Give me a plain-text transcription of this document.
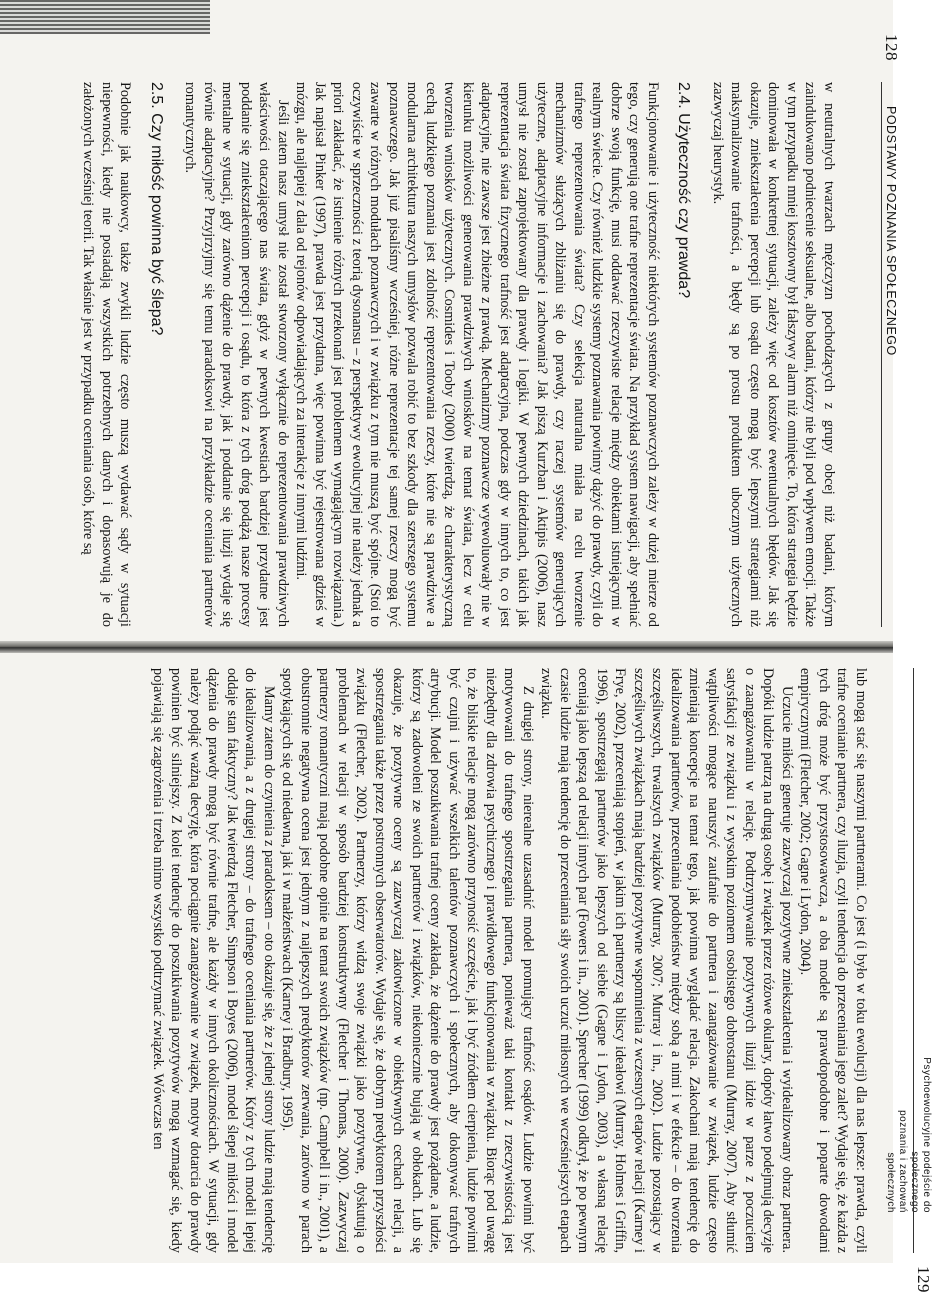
128
PODSTAWY POZNANIA SPOŁECZNEGO

w neutralnych twarzach mężczyzn pochodzących z grupy obcej niż badani, którym zaindukowano podniecenie seksualne, albo badani, którzy nie byli pod wpływem emocji. Także w tym przypadku mniej kosztowny był fałszywy alarm niż ominięcie. To, która strategia będzie dominowała w konkretnej sytuacji, zależy więc od kosztów ewentualnych błędów. Jak się okazuje, zniekształcenia percepcji lub osądu często mogą być lepszymi strategiami niż maksymalizowanie trafności, a błędy są po prostu produktem ubocznym użytecznych zazwyczaj heurystyk.

2.4. Użyteczność czy prawda?

Funkcjonowanie i użyteczność niektórych systemów poznawczych zależy w dużej mierze od tego, czy generują one trafne reprezentacje świata. Na przykład system nawigacji, aby spełniać dobrze swoją funkcję, musi oddawać rzeczywiste relacje między obiektami istniejącymi w realnym świecie. Czy również ludzkie systemy poznawania powinny dążyć do prawdy, czyli do trafnego reprezentowania świata? Czy selekcja naturalna miała na celu tworzenie mechanizmów służących zbliżaniu się do prawdy, czy raczej systemów generujących użyteczne, adaptacyjne informacje i zachowania? Jak piszą Kurzban i Aktipis (2006), nasz umysł nie został zaprojektowany dla prawdy i logiki. W pewnych dziedzinach, takich jak reprezentacja świata fizycznego trafność jest adaptacyjna, podczas gdy w innych to, co jest adaptacyjne, nie zawsze jest zbieżne z prawdą. Mechanizmy poznawcze wyewoluowały nie w kierunku możliwości generowania prawdziwych wniosków na temat świata, lecz w celu tworzenia wniosków użytecznych. Cosmides i Tooby (2000) twierdzą, że charakterystyczną cechą ludzkiego poznania jest zdolność reprezentowania rzeczy, które nie są prawdziwe a modularna architektura naszych umysłów pozwala robić to bez szkody dla szerszego systemu poznawczego. Jak już pisaliśmy wcześniej, różne reprezentacje tej samej rzeczy mogą być zawarte w różnych modułach poznawczych i w związku z tym nie muszą być spójne. (Stoi to oczywiście w sprzeczności z teorią dysonansu – z perspektywy ewolucyjnej nie należy jednak a priori zakładać, że istnienie różnych przekonań jest problemem wymagającym rozwiązania.) Jak napisał Pinker (1997), prawda jest przydatna, więc powinna być rejestrowana gdzieś w mózgu, ale najlepiej z dala od rejonów odpowiadających za interakcje z innymi ludźmi.

Jeśli zatem nasz umysł nie został stworzony wyłącznie do reprezentowania prawdziwych właściwości otaczającego nas świata, gdyż w pewnych kwestiach bardziej przydatne jest poddanie się zniekształceniom percepcji i osądu, to która z tych dróg podążą nasze procesy mentalne w sytuacji, gdy zarówno dążenie do prawdy, jak i poddanie się iluzji wydaje się równie adaptacyjne? Przyjrzyjmy się temu paradoksowi na przykładzie oceniania partnerów romantycznych.

2.5. Czy miłość powinna być ślepa?

Podobnie jak naukowcy, także zwykli ludzie często muszą wydawać sądy w sytuacji niepewności, kiedy nie posiadają wszystkich potrzebnych danych i dopasowują je do założonych wcześniej teorii. Tak właśnie jest w przypadku oceniania osób, które są

Psychoewolucyjne podejście do społecznego
poznania i zachowań społecznych
129

lub mogą stać się naszymi partnerami. Co jest (i było w toku ewolucji) dla nas lepsze: prawda, czyli trafne ocenianie partnera, czy iluzja, czyli tendencja do przeceniania jego zalet? Wydaje się, że każda z tych dróg może być przystosowawcza, a oba modele są prawdopodobne i poparte dowodami empirycznymi (Fletcher, 2002; Gagne i Lydon, 2004).

Uczucie miłości generuje zazwyczaj pozytywne zniekształcenia i wyidealizowany obraz partnera. Dopóki ludzie patrzą na drugą osobę i związek przez różowe okulary, dopóty łatwo podejmują decyzje o zaangażowaniu w relację. Podtrzymywanie pozytywnych iluzji idzie w parze z poczuciem satysfakcji ze związku i z wysokim poziomem osobistego dobrostanu (Murray, 2007). Aby stłumić wątpliwości mogące naruszyć zaufanie do partnera i zaangażowanie w związek, ludzie często zmieniają koncepcje na temat tego, jak powinna wyglądać relacja. Zakochani mają tendencję do idealizowania partnerów, przeceniania podobieństw między sobą a nimi i w efekcie – do tworzenia szczęśliwszych, trwalszych związków (Murray, 2007; Murray i in., 2002). Ludzie pozostający w szczęśliwych związkach mają bardziej pozytywne wspomnienia z wczesnych etapów relacji (Karney i Frye, 2002), przeceniają stopień, w jakim ich partnerzy są bliscy ideałowi (Murray, Holmes i Griffin, 1996), spostrzegają partnerów jako lepszych od siebie (Gagne i Lydon, 2003), a własną relację oceniają jako lepszą od relacji innych par (Fowers i in., 2001). Sprecher (1999) odkrył, że po pewnym czasie ludzie mają tendencję do przeceniania siły swoich uczuć miłosnych we wcześniejszych etapach związku.

Z drugiej strony, nierealne uzasadnić model promujący trafność osądów. Ludzie powinni być motywowani do trafnego spostrzegania partnera, ponieważ taki kontakt z rzeczywistością jest niezbędny dla zdrowia psychicznego i prawidłowego funkcjonowania w związku. Biorąc pod uwagę to, że bliskie relacje mogą zarówno przynosić szczęście, jak i być źródłem cierpienia, ludzie powinni być czujni i używać wszelkich talentów poznawczych i społecznych, aby dokonywać trafnych atrybucji. Model poszukiwania trafnej oceny zakłada, że dążenie do prawdy jest pożądane, a ludzie, którzy są zadowoleni ze swoich partnerów i związków, niekoniecznie bujają w obłokach. Lub się okazuje, że pozytywne oceny są zazwyczaj zakotwiczone w obiektywnych cechach relacji, a spostrzegania także przez postronnych obserwatorów. Wydaje się, że dobrym predyktorem przyszłości związku (Fletcher, 2002). Partnerzy, którzy widzą swoje związki jako pozytywne, dyskutują o problemach w relacji w sposób bardziej konstruktywny (Fletcher i Thomas, 2000). Zazwyczaj partnerzy romantyczni mają podobne opinie na temat swoich związków (np. Campbell i in., 2001), a obustronnie negatywna ocena jest jednym z najlepszych predyktorów zerwania, zarówno w parach spotykających się od niedawna, jak i w małżeństwach (Karney i Bradbury, 1995).

Mamy zatem do czynienia z paradoksem – oto okazuje się, że z jednej strony ludzie mają tendencję do idealizowania, a z drugiej strony – do trafnego oceniania partnerów. Który z tych modeli lepiej oddaje stan faktyczny? Jak twierdzą Fletcher, Simpson i Boyes (2006), model ślepej miłości i model dążenia do prawdy mogą być równie trafne, ale każdy w innych okolicznościach. W sytuacji, gdy należy podjąć ważną decyzję, która pociągnie zaangażowanie w związek, motyw dotarcia do prawdy powinien być silniejszy. Z kolei tendencje do poszukiwania pozytywów mogą wzmagać się, kiedy pojawiają się zagrożenia i trzeba mimo wszystko podtrzymać związek. Wówczas ten
